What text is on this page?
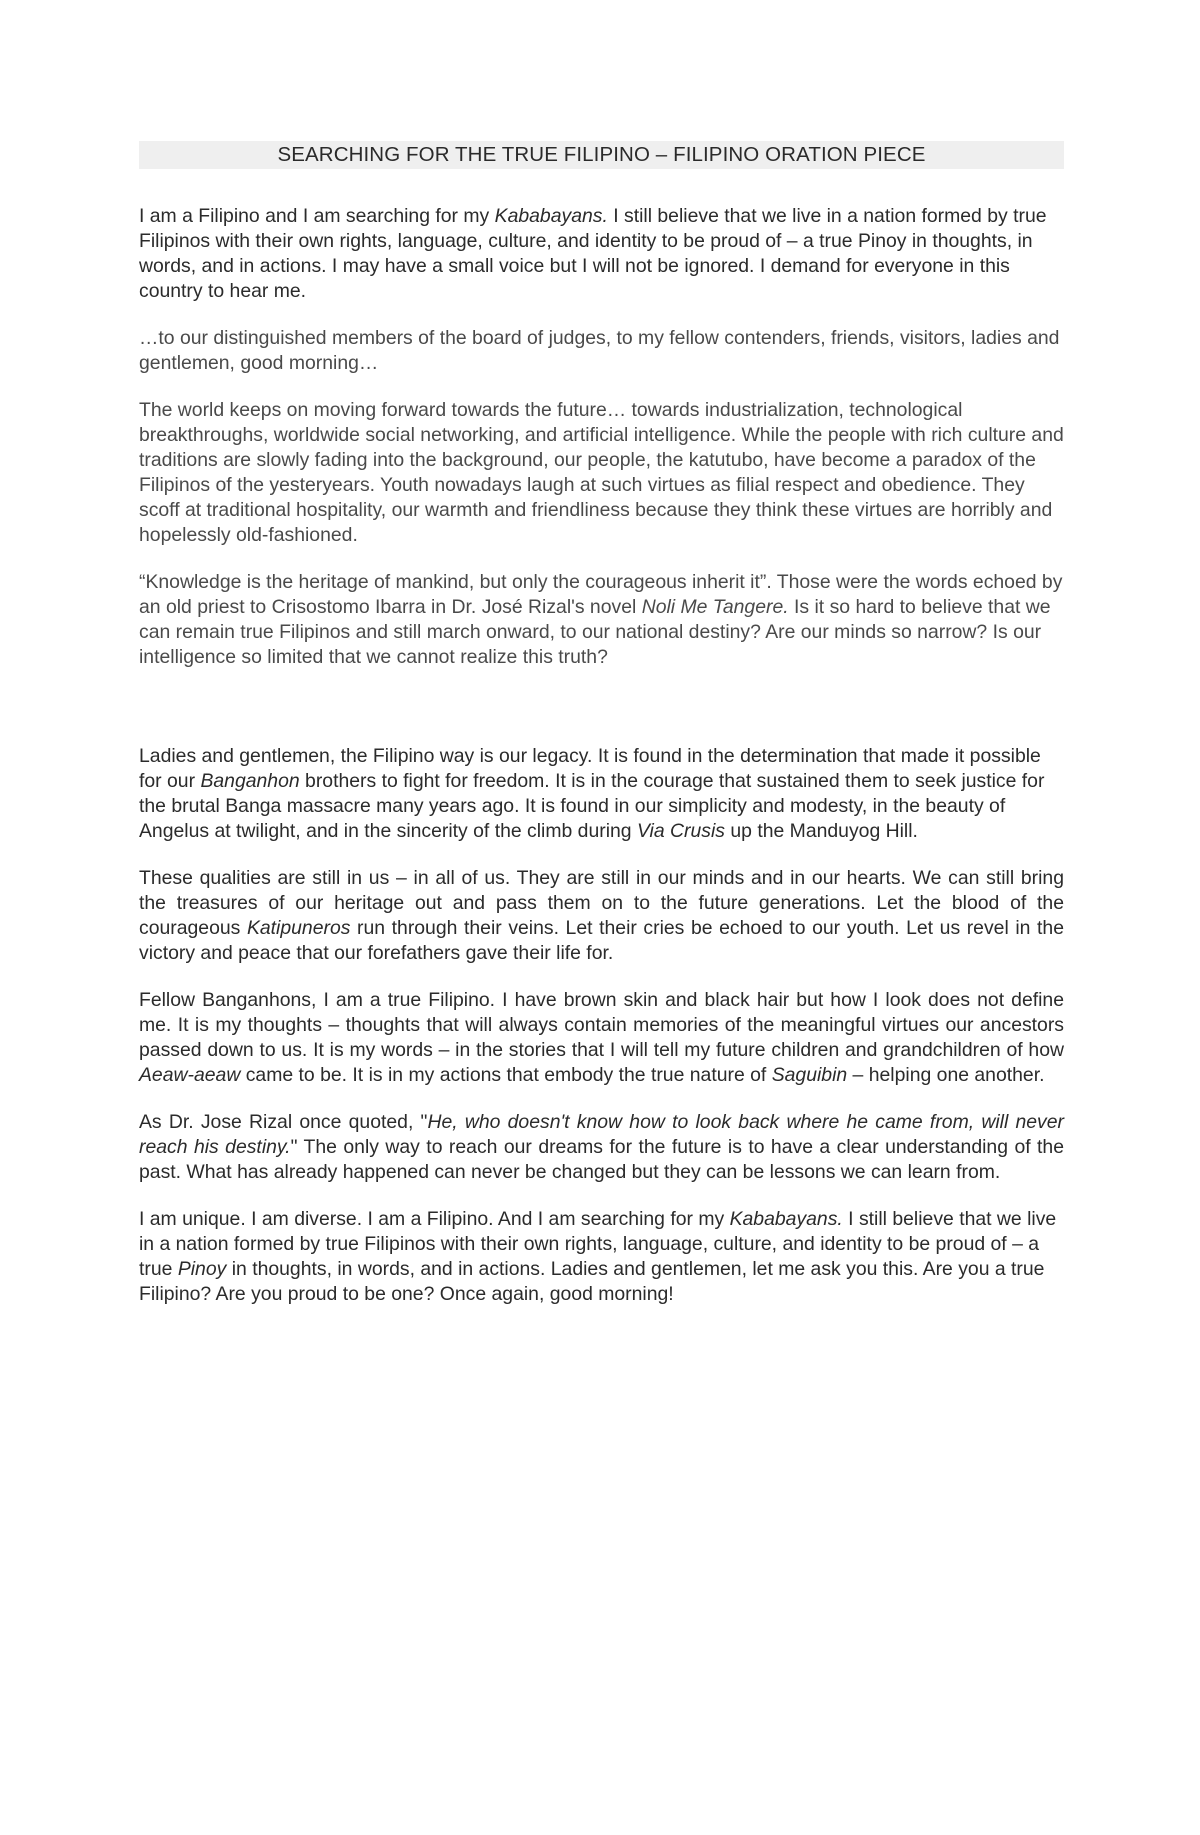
SEARCHING FOR THE TRUE FILIPINO – FILIPINO ORATION PIECE

I am a Filipino and I am searching for my Kababayans. I still believe that we live in a nation formed by true Filipinos with their own rights, language, culture, and identity to be proud of – a true Pinoy in thoughts, in words, and in actions. I may have a small voice but I will not be ignored. I demand for everyone in this country to hear me.

…to our distinguished members of the board of judges, to my fellow contenders, friends, visitors, ladies and gentlemen, good morning…

The world keeps on moving forward towards the future… towards industrialization, technological breakthroughs, worldwide social networking, and artificial intelligence. While the people with rich culture and traditions are slowly fading into the background, our people, the katutubo, have become a paradox of the Filipinos of the yesteryears. Youth nowadays laugh at such virtues as filial respect and obedience. They scoff at traditional hospitality, our warmth and friendliness because they think these virtues are horribly and hopelessly old-fashioned.

“Knowledge is the heritage of mankind, but only the courageous inherit it”. Those were the words echoed by an old priest to Crisostomo Ibarra in Dr. José Rizal's novel Noli Me Tangere. Is it so hard to believe that we can remain true Filipinos and still march onward, to our national destiny? Are our minds so narrow? Is our intelligence so limited that we cannot realize this truth?

Ladies and gentlemen, the Filipino way is our legacy. It is found in the determination that made it possible for our Banganhon brothers to fight for freedom. It is in the courage that sustained them to seek justice for the brutal Banga massacre many years ago. It is found in our simplicity and modesty, in the beauty of Angelus at twilight, and in the sincerity of the climb during Via Crusis up the Manduyog Hill.

These qualities are still in us – in all of us. They are still in our minds and in our hearts. We can still bring the treasures of our heritage out and pass them on to the future generations. Let the blood of the courageous Katipuneros run through their veins. Let their cries be echoed to our youth. Let us revel in the victory and peace that our forefathers gave their life for.

Fellow Banganhons, I am a true Filipino. I have brown skin and black hair but how I look does not define me. It is my thoughts – thoughts that will always contain memories of the meaningful virtues our ancestors passed down to us. It is my words – in the stories that I will tell my future children and grandchildren of how Aeaw-aeaw came to be. It is in my actions that embody the true nature of Saguibin – helping one another.

As Dr. Jose Rizal once quoted, "He, who doesn't know how to look back where he came from, will never reach his destiny." The only way to reach our dreams for the future is to have a clear understanding of the past. What has already happened can never be changed but they can be lessons we can learn from.

I am unique. I am diverse. I am a Filipino. And I am searching for my Kababayans. I still believe that we live in a nation formed by true Filipinos with their own rights, language, culture, and identity to be proud of – a true Pinoy in thoughts, in words, and in actions. Ladies and gentlemen, let me ask you this. Are you a true Filipino? Are you proud to be one? Once again, good morning!
